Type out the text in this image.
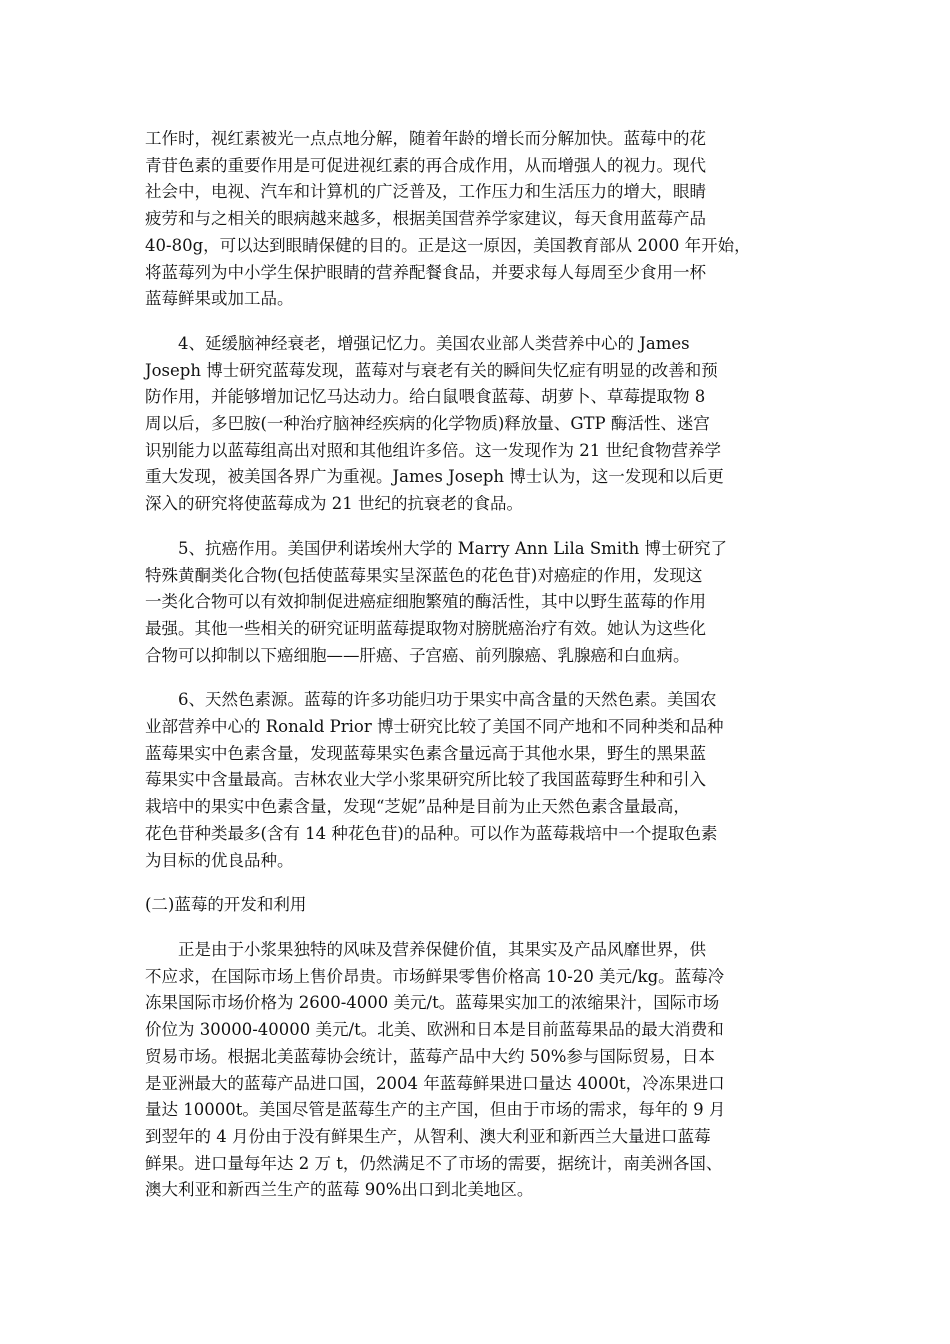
工作时，视红素被光一点点地分解，随着年龄的增长而分解加快。蓝莓中的花
青苷色素的重要作用是可促进视红素的再合成作用，从而增强人的视力。现代
社会中，电视、汽车和计算机的广泛普及，工作压力和生活压力的增大，眼睛
疲劳和与之相关的眼病越来越多，根据美国营养学家建议，每天食用蓝莓产品
40-80g，可以达到眼睛保健的目的。正是这一原因，美国教育部从 2000 年开始，
将蓝莓列为中小学生保护眼睛的营养配餐食品，并要求每人每周至少食用一杯
蓝莓鲜果或加工品。
4、延缓脑神经衰老，增强记忆力。美国农业部人类营养中心的 James
Joseph 博士研究蓝莓发现，蓝莓对与衰老有关的瞬间失忆症有明显的改善和预
防作用，并能够增加记忆马达动力。给白鼠喂食蓝莓、胡萝卜、草莓提取物 8
周以后，多巴胺(一种治疗脑神经疾病的化学物质)释放量、GTP 酶活性、迷宫
识别能力以蓝莓组高出对照和其他组许多倍。这一发现作为 21 世纪食物营养学
重大发现，被美国各界广为重视。James Joseph 博士认为，这一发现和以后更
深入的研究将使蓝莓成为 21 世纪的抗衰老的食品。
5、抗癌作用。美国伊利诺埃州大学的 Marry Ann Lila Smith 博士研究了
特殊黄酮类化合物(包括使蓝莓果实呈深蓝色的花色苷)对癌症的作用，发现这
一类化合物可以有效抑制促进癌症细胞繁殖的酶活性，其中以野生蓝莓的作用
最强。其他一些相关的研究证明蓝莓提取物对膀胱癌治疗有效。她认为这些化
合物可以抑制以下癌细胞——肝癌、子宫癌、前列腺癌、乳腺癌和白血病。
6、天然色素源。蓝莓的许多功能归功于果实中高含量的天然色素。美国农
业部营养中心的 Ronald Prior 博士研究比较了美国不同产地和不同种类和品种
蓝莓果实中色素含量，发现蓝莓果实色素含量远高于其他水果，野生的黑果蓝
莓果实中含量最高。吉林农业大学小浆果研究所比较了我国蓝莓野生种和引入
栽培中的果实中色素含量，发现“芝妮”品种是目前为止天然色素含量最高，
花色苷种类最多(含有 14 种花色苷)的品种。可以作为蓝莓栽培中一个提取色素
为目标的优良品种。
(二)蓝莓的开发和利用
正是由于小浆果独特的风味及营养保健价值，其果实及产品风靡世界，供
不应求，在国际市场上售价昂贵。市场鲜果零售价格高 10-20 美元/kg。蓝莓冷
冻果国际市场价格为 2600-4000 美元/t。蓝莓果实加工的浓缩果汁，国际市场
价位为 30000-40000 美元/t。北美、欧洲和日本是目前蓝莓果品的最大消费和
贸易市场。根据北美蓝莓协会统计，蓝莓产品中大约 50%参与国际贸易，日本
是亚洲最大的蓝莓产品进口国，2004 年蓝莓鲜果进口量达 4000t，冷冻果进口
量达 10000t。美国尽管是蓝莓生产的主产国，但由于市场的需求，每年的 9 月
到翌年的 4 月份由于没有鲜果生产，从智利、澳大利亚和新西兰大量进口蓝莓
鲜果。进口量每年达 2 万 t，仍然满足不了市场的需要，据统计，南美洲各国、
澳大利亚和新西兰生产的蓝莓 90%出口到北美地区。
